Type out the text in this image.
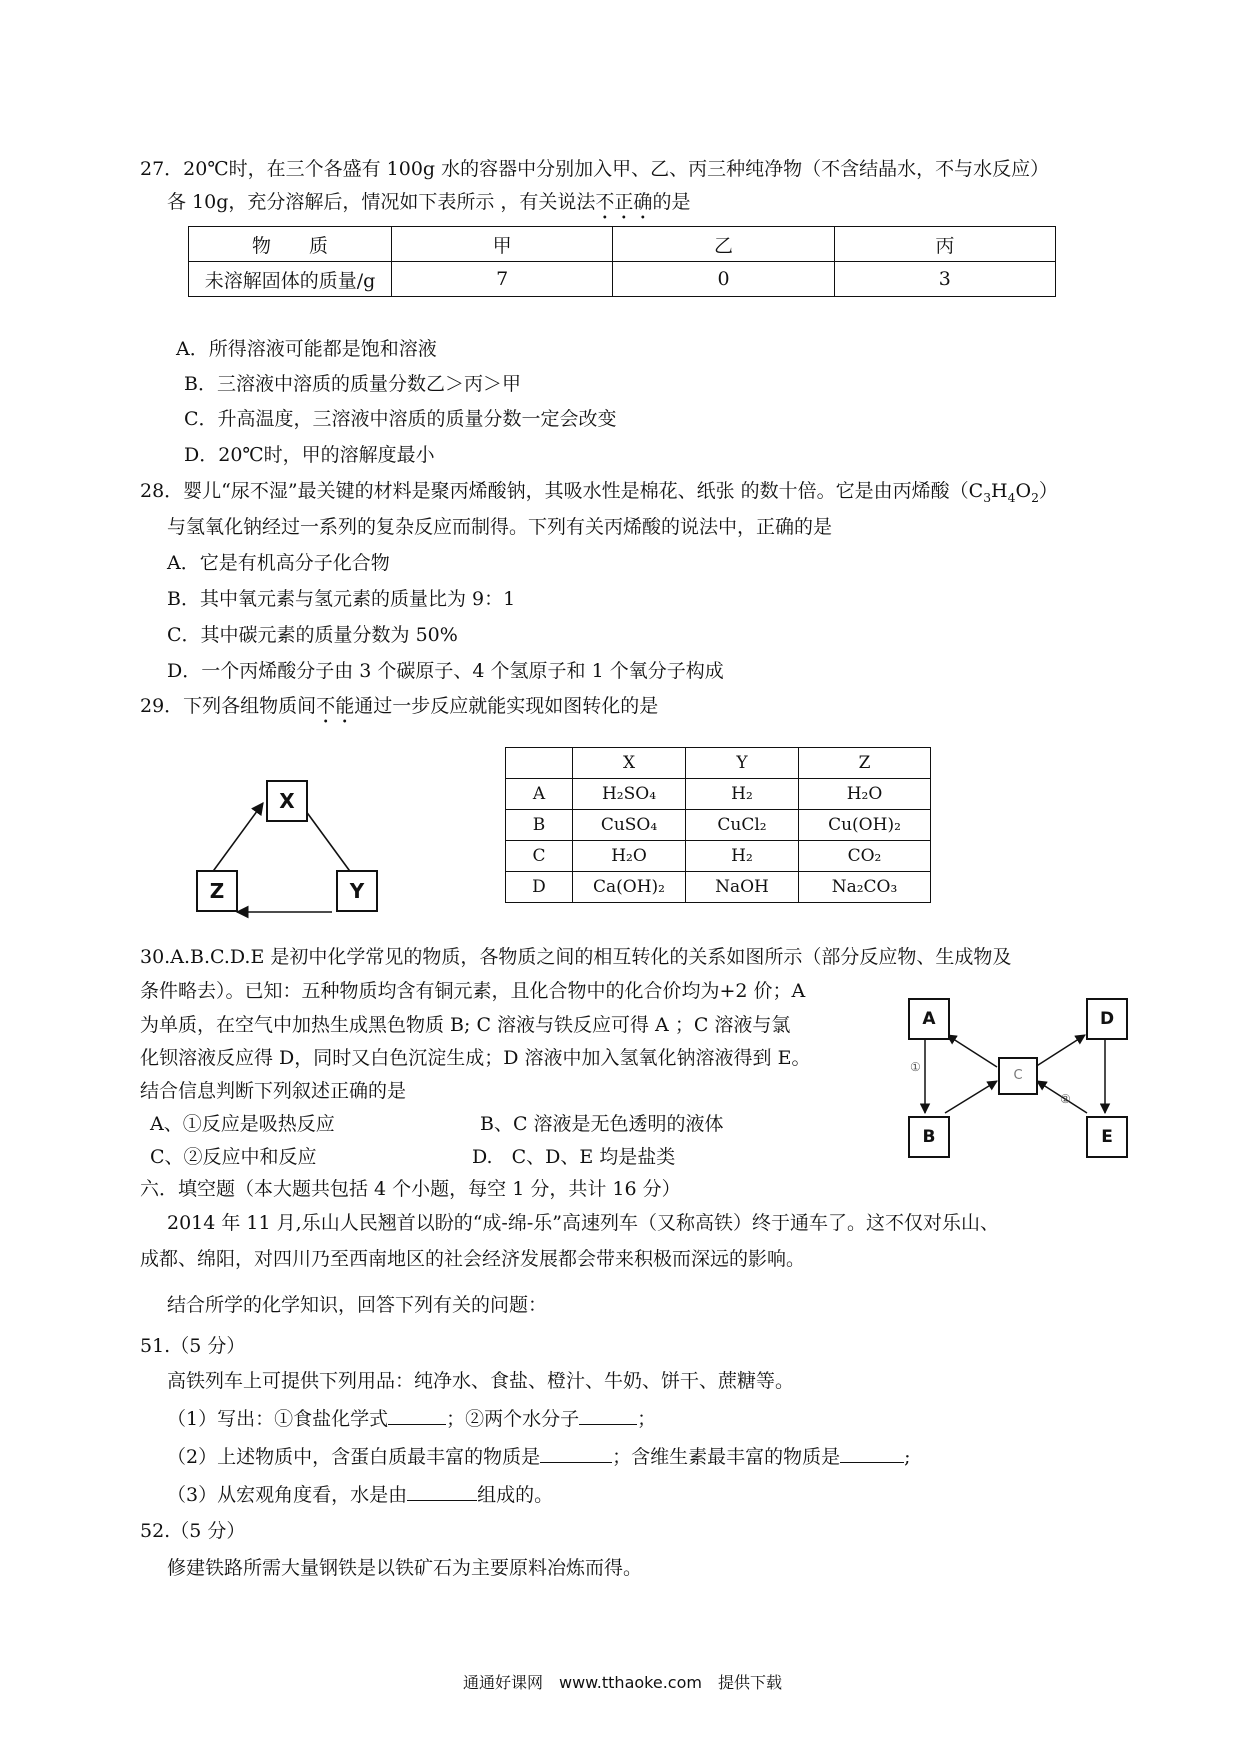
27．20℃时，在三个各盛有 100g 水的容器中分别加入甲、乙、丙三种纯净物（不含结晶水，不与水反应）
各 10g，充分溶解后，情况如下表所示 ，有关说法不正确的是
物　　质	甲	乙	丙
未溶解固体的质量/g	7	0	3
A．所得溶液可能都是饱和溶液
B．三溶液中溶质的质量分数乙＞丙＞甲
C．升高温度，三溶液中溶质的质量分数一定会改变
D．20℃时，甲的溶解度最小
28．婴儿“尿不湿”最关键的材料是聚丙烯酸钠，其吸水性是棉花、纸张 的数十倍。它是由丙烯酸$(C_3H_4O_2)$
与氢氧化钠经过一系列的复杂反应而制得。下列有关丙烯酸的说法中，正确的是
A．它是有机高分子化合物
B．其中氧元素与氢元素的质量比为 9：1
C．其中碳元素的质量分数为 50%
D．一个丙烯酸分子由 3 个碳原子、4 个氢原子和 1 个氧分子构成
29．下列各组物质间不能通过一步反应就能实现如图转化的是
X
Z	Y
	X	Y	Z
A	H₂SO₄	H₂	H₂O
B	CuSO₄	CuCl₂	Cu(OH)₂
C	H₂O	H₂	CO₂
D	Ca(OH)₂	NaOH	Na₂CO₃
30.A.B.C.D.E 是初中化学常见的物质，各物质之间的相互转化的关系如图所示（部分反应物、生成物及
条件略去）。已知：五种物质均含有铜元素，且化合物中的化合价均为+2 价；A
为单质，在空气中加热生成黑色物质 B; C 溶液与铁反应可得 A ；C 溶液与氯
化钡溶液反应得 D，同时又白色沉淀生成；D 溶液中加入氢氧化钠溶液得到 E。
结合信息判断下列叙述正确的是
A、①反应是吸热反应	B、C 溶液是无色透明的液体
C、②反应中和反应	D.　C、D、E 均是盐类
A
B
C
D
E
①
②
六．填空题（本大题共包括 4 个小题，每空 1 分，共计 16 分）
2014 年 11 月,乐山人民翘首以盼的“成-绵-乐”高速列车（又称高铁）终于通车了。这不仅对乐山、
成都、绵阳，对四川乃至西南地区的社会经济发展都会带来积极而深远的影响。
结合所学的化学知识，回答下列有关的问题：
51.（5 分）
高铁列车上可提供下列用品：纯净水、食盐、橙汁、牛奶、饼干、蔗糖等。
（1）写出：①食盐化学式	；②两个水分子	；
（2）上述物质中，含蛋白质最丰富的物质是	；含维生素最丰富的物质是	;
（3）从宏观角度看，水是由	组成的。
52.（5 分）
修建铁路所需大量钢铁是以铁矿石为主要原料冶炼而得。
通通好课网　www.tthaoke.com　提供下载
